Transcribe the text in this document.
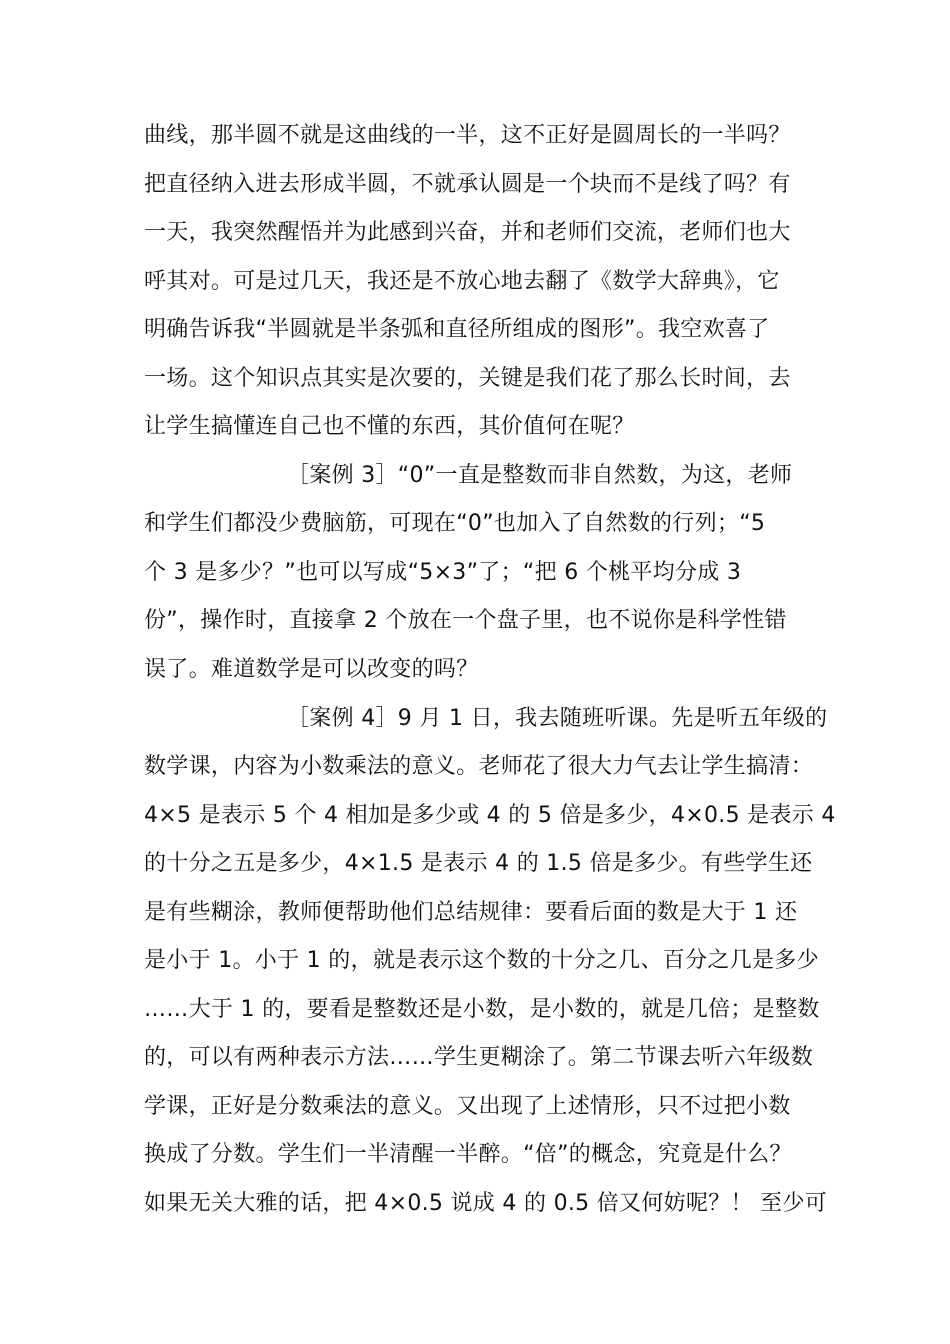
曲线，那半圆不就是这曲线的一半，这不正好是圆周长的一半吗？
把直径纳入进去形成半圆，不就承认圆是一个块而不是线了吗？有
一天，我突然醒悟并为此感到兴奋，并和老师们交流，老师们也大
呼其对。可是过几天，我还是不放心地去翻了《数学大辞典》，它
明确告诉我“半圆就是半条弧和直径所组成的图形”。我空欢喜了
一场。这个知识点其实是次要的，关键是我们花了那么长时间，去
让学生搞懂连自己也不懂的东西，其价值何在呢？
［案例 3］“0”一直是整数而非自然数，为这，老师
和学生们都没少费脑筋，可现在“0”也加入了自然数的行列；“5
个 3 是多少？”也可以写成“5×3”了；“把 6 个桃平均分成 3
份”，操作时，直接拿 2 个放在一个盘子里，也不说你是科学性错
误了。难道数学是可以改变的吗？
［案例 4］9 月 1 日，我去随班听课。先是听五年级的
数学课，内容为小数乘法的意义。老师花了很大力气去让学生搞清：
4×5 是表示 5 个 4 相加是多少或 4 的 5 倍是多少，4×0.5 是表示 4
的十分之五是多少，4×1.5 是表示 4 的 1.5 倍是多少。有些学生还
是有些糊涂，教师便帮助他们总结规律：要看后面的数是大于 1 还
是小于 1。小于 1 的，就是表示这个数的十分之几、百分之几是多少
……大于 1 的，要看是整数还是小数，是小数的，就是几倍；是整数
的，可以有两种表示方法……学生更糊涂了。第二节课去听六年级数
学课，正好是分数乘法的意义。又出现了上述情形，只不过把小数
换成了分数。学生们一半清醒一半醉。“倍”的概念，究竟是什么？
如果无关大雅的话，把 4×0.5 说成 4 的 0.5 倍又何妨呢？！ 至少可
